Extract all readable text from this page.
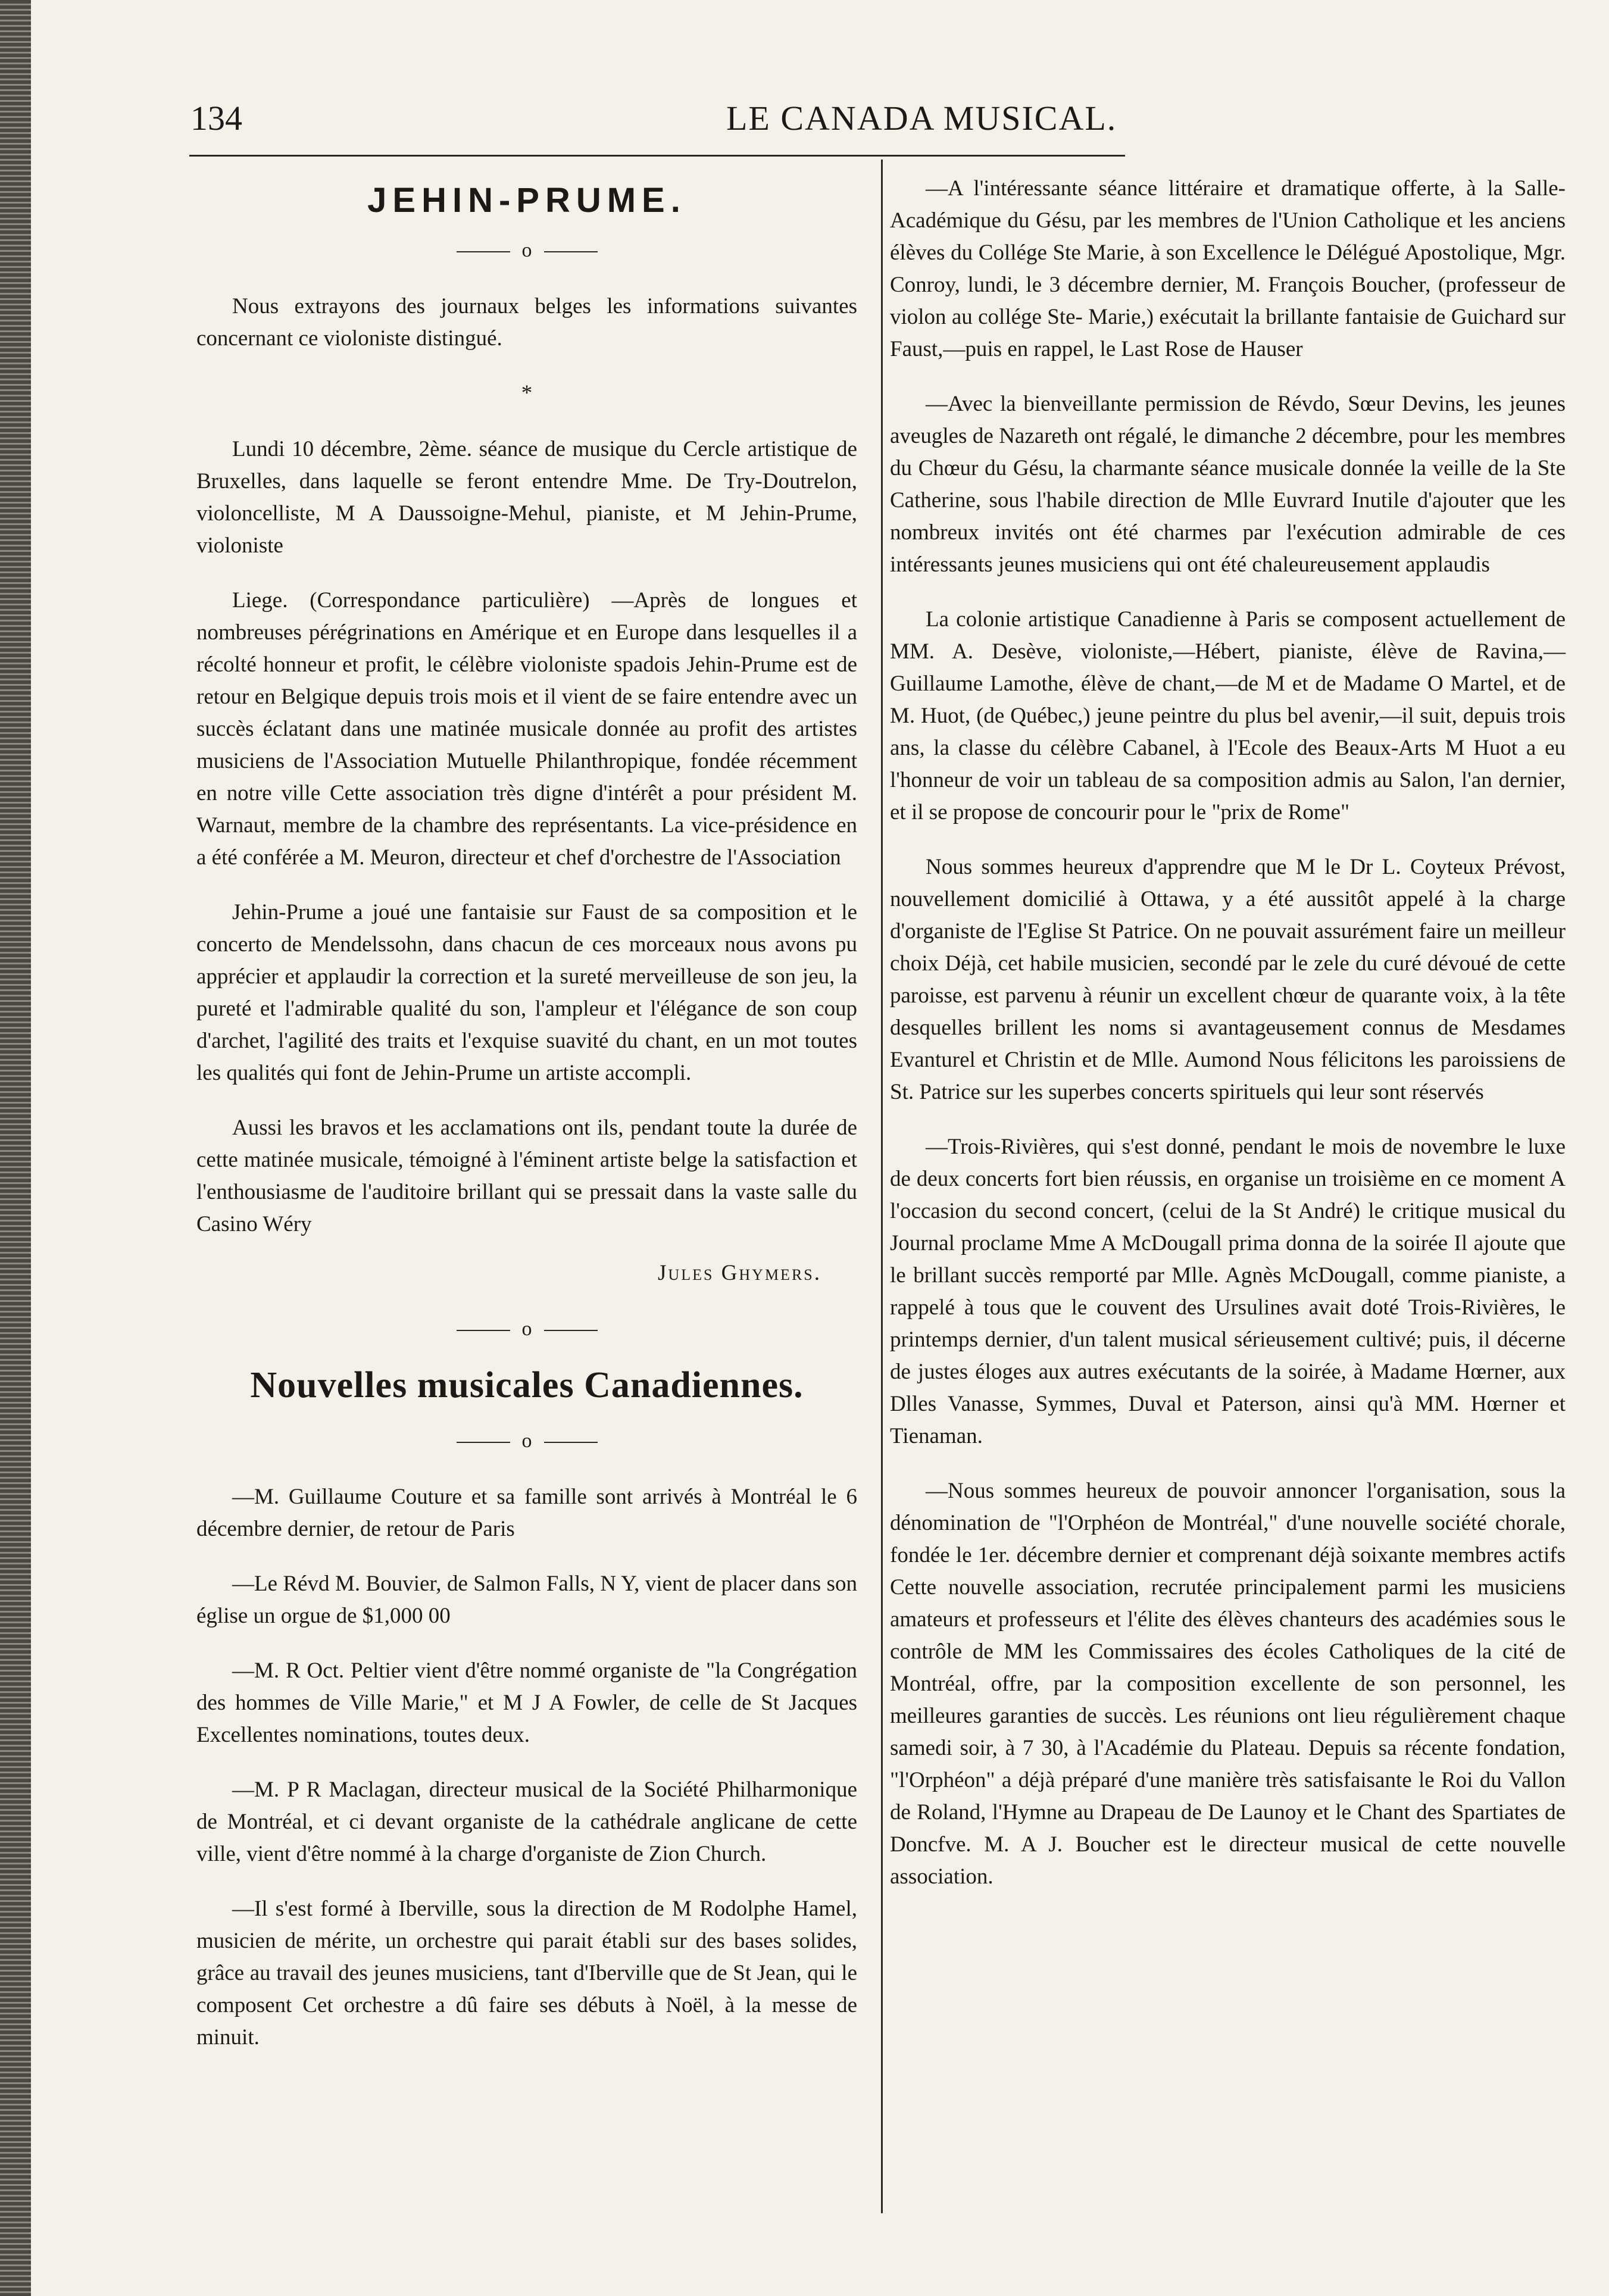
134	LE CANADA MUSICAL.
JEHIN-PRUME.
o

Nous extrayons des journaux belges les informations suivantes concernant ce violoniste distingué.

*

Lundi 10 décembre, 2ème. séance de musique du Cercle artistique de Bruxelles, dans laquelle se feront entendre Mme. De Try-Doutrelon, violoncelliste, M A Daussoigne-Mehul, pianiste, et M Jehin-Prume, violoniste

Liege. (Correspondance particulière) —Après de longues et nombreuses pérégrinations en Amérique et en Europe dans lesquelles il a récolté honneur et profit, le célèbre violoniste spadois Jehin-Prume est de retour en Belgique depuis trois mois et il vient de se faire entendre avec un succès éclatant dans une matinée musicale donnée au profit des artistes musiciens de l'Association Mutuelle Philanthropique, fondée récemment en notre ville Cette association très digne d'intérêt a pour président M. Warnaut, membre de la chambre des représentants. La vice-présidence en a été conférée a M. Meuron, directeur et chef d'orchestre de l'Association

Jehin-Prume a joué une fantaisie sur Faust de sa composition et le concerto de Mendelssohn, dans chacun de ces morceaux nous avons pu apprécier et applaudir la correction et la sureté merveilleuse de son jeu, la pureté et l'admirable qualité du son, l'ampleur et l'élégance de son coup d'archet, l'agilité des traits et l'exquise suavité du chant, en un mot toutes les qualités qui font de Jehin-Prume un artiste accompli.

Aussi les bravos et les acclamations ont ils, pendant toute la durée de cette matinée musicale, témoigné à l'éminent artiste belge la satisfaction et l'enthousiasme de l'auditoire brillant qui se pressait dans la vaste salle du Casino Wéry

Jules Ghymers.
o
Nouvelles musicales Canadiennes.
o

—M. Guillaume Couture et sa famille sont arrivés à Montréal le 6 décembre dernier, de retour de Paris

—Le Révd M. Bouvier, de Salmon Falls, N Y, vient de placer dans son église un orgue de $1,000 00

—M. R Oct. Peltier vient d'être nommé organiste de "la Congrégation des hommes de Ville Marie," et M J A Fowler, de celle de St Jacques Excellentes nominations, toutes deux.

—M. P R Maclagan, directeur musical de la Société Philharmonique de Montréal, et ci devant organiste de la cathédrale anglicane de cette ville, vient d'être nommé à la charge d'organiste de Zion Church.

—Il s'est formé à Iberville, sous la direction de M Rodolphe Hamel, musicien de mérite, un orchestre qui parait établi sur des bases solides, grâce au travail des jeunes musiciens, tant d'Iberville que de St Jean, qui le composent Cet orchestre a dû faire ses débuts à Noël, à la messe de minuit.

—A l'intéressante séance littéraire et dramatique offerte, à la Salle-Académique du Gésu, par les membres de l'Union Catholique et les anciens élèves du Collége Ste Marie, à son Excellence le Délégué Apostolique, Mgr. Conroy, lundi, le 3 décembre dernier, M. François Boucher, (professeur de violon au collége Ste- Marie,) exécutait la brillante fantaisie de Guichard sur Faust,—puis en rappel, le Last Rose de Hauser

—Avec la bienveillante permission de Révdo, Sœur Devins, les jeunes aveugles de Nazareth ont régalé, le dimanche 2 décembre, pour les membres du Chœur du Gésu, la charmante séance musicale donnée la veille de la Ste Catherine, sous l'habile direction de Mlle Euvrard Inutile d'ajouter que les nombreux invités ont été charmes par l'exécution admirable de ces intéressants jeunes musiciens qui ont été chaleureusement applaudis

La colonie artistique Canadienne à Paris se composent actuellement de MM. A. Desève, violoniste,—Hébert, pianiste, élève de Ravina,—Guillaume Lamothe, élève de chant,—de M et de Madame O Martel, et de M. Huot, (de Québec,) jeune peintre du plus bel avenir,—il suit, depuis trois ans, la classe du célèbre Cabanel, à l'Ecole des Beaux-Arts M Huot a eu l'honneur de voir un tableau de sa composition admis au Salon, l'an dernier, et il se propose de concourir pour le "prix de Rome"

Nous sommes heureux d'apprendre que M le Dr L. Coyteux Prévost, nouvellement domicilié à Ottawa, y a été aussitôt appelé à la charge d'organiste de l'Eglise St Patrice. On ne pouvait assurément faire un meilleur choix Déjà, cet habile musicien, secondé par le zele du curé dévoué de cette paroisse, est parvenu à réunir un excellent chœur de quarante voix, à la tête desquelles brillent les noms si avantageusement connus de Mesdames Evanturel et Christin et de Mlle. Aumond Nous félicitons les paroissiens de St. Patrice sur les superbes concerts spirituels qui leur sont réservés

—Trois-Rivières, qui s'est donné, pendant le mois de novembre le luxe de deux concerts fort bien réussis, en organise un troisième en ce moment A l'occasion du second concert, (celui de la St André) le critique musical du Journal proclame Mme A McDougall prima donna de la soirée Il ajoute que le brillant succès remporté par Mlle. Agnès McDougall, comme pianiste, a rappelé à tous que le couvent des Ursulines avait doté Trois-Rivières, le printemps dernier, d'un talent musical sérieusement cultivé; puis, il décerne de justes éloges aux autres exécutants de la soirée, à Madame Hœrner, aux Dlles Vanasse, Symmes, Duval et Paterson, ainsi qu'à MM. Hœrner et Tienaman.

—Nous sommes heureux de pouvoir annoncer l'organisation, sous la dénomination de "l'Orphéon de Montréal," d'une nouvelle société chorale, fondée le 1er. décembre dernier et comprenant déjà soixante membres actifs Cette nouvelle association, recrutée principalement parmi les musiciens amateurs et professeurs et l'élite des élèves chanteurs des académies sous le contrôle de MM les Commissaires des écoles Catholiques de la cité de Montréal, offre, par la composition excellente de son personnel, les meilleures garanties de succès. Les réunions ont lieu régulièrement chaque samedi soir, à 7 30, à l'Académie du Plateau. Depuis sa récente fondation, "l'Orphéon" a déjà préparé d'une manière très satisfaisante le Roi du Vallon de Roland, l'Hymne au Drapeau de De Launoy et le Chant des Spartiates de Doncfve. M. A J. Boucher est le directeur musical de cette nouvelle association.
